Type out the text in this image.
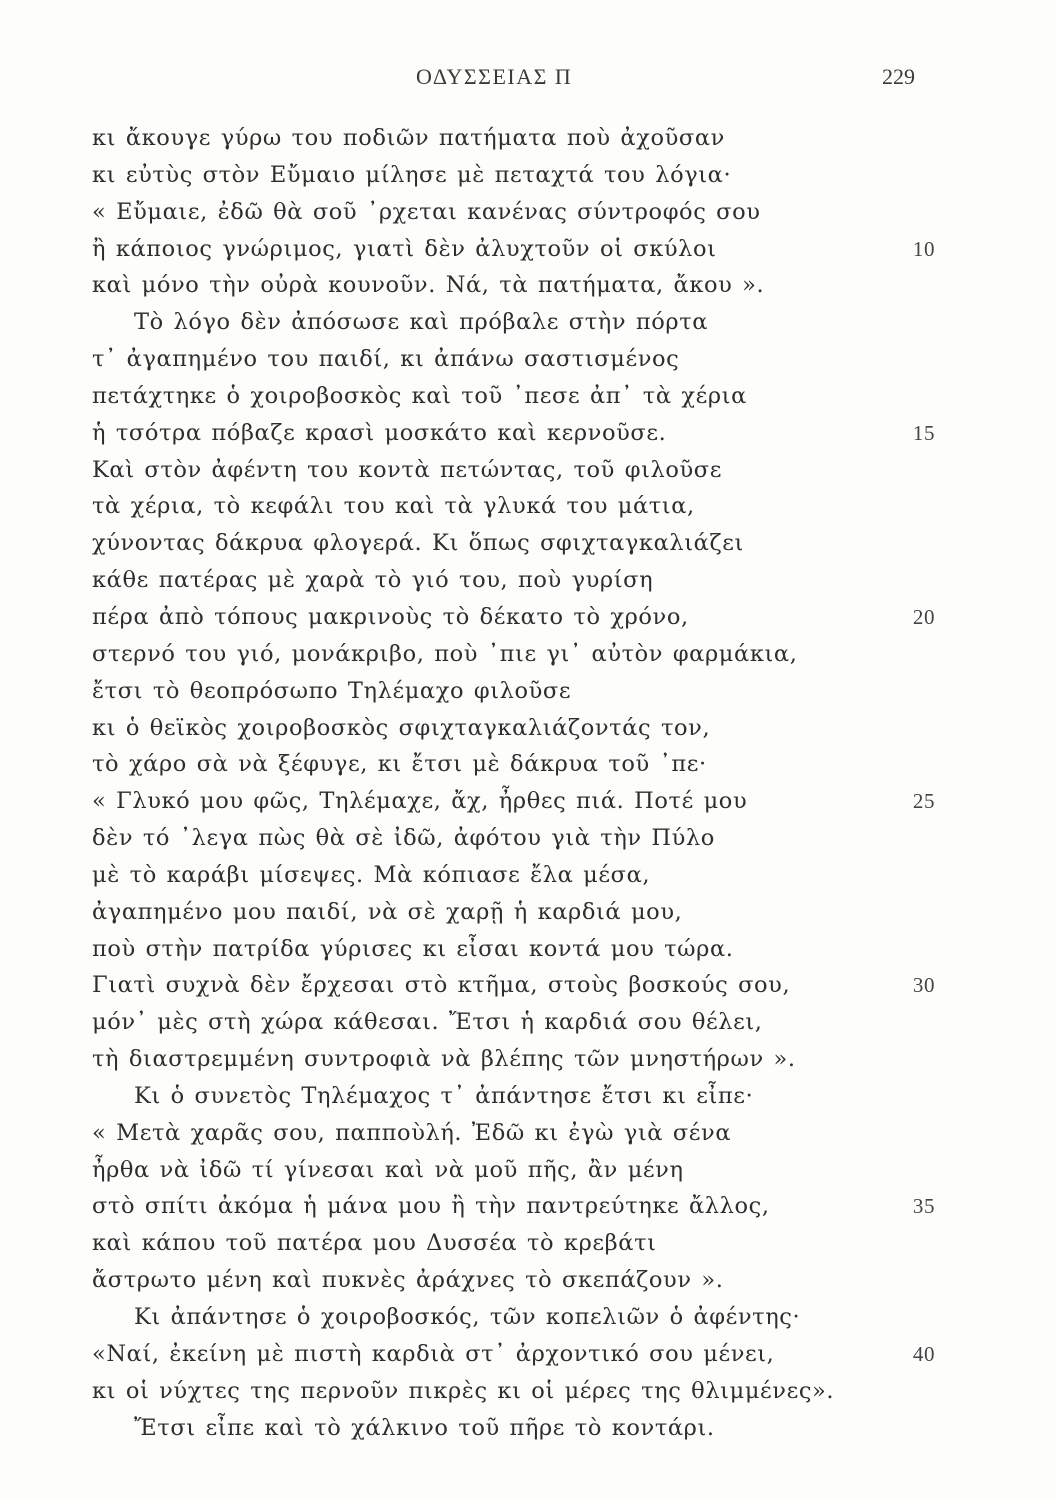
ΟΔΥΣΣΕΙΑΣ Π	229
κι ἄκουγε γύρω του ποδιῶν πατήματα ποὺ ἀχοῦσαν
κι εὐτὺς στὸν Εὔμαιο μίλησε μὲ πεταχτά του λόγια·
« Εὔμαιε, ἐδῶ θὰ σοῦ ᾿ρχεται κανένας σύντροφός σου
ἢ κάποιος γνώριμος, γιατὶ δὲν ἀλυχτοῦν οἱ σκύλοι	10
καὶ μόνο τὴν οὐρὰ κουνοῦν. Νά, τὰ πατήματα, ἄκου ».
Τὸ λόγο δὲν ἀπόσωσε καὶ πρόβαλε στὴν πόρτα
τ᾿ ἀγαπημένο του παιδί, κι ἀπάνω σαστισμένος
πετάχτηκε ὁ χοιροβοσκὸς καὶ τοῦ ᾿πεσε ἀπ᾿ τὰ χέρια
ἡ τσότρα πόβαζε κρασὶ μοσκάτο καὶ κερνοῦσε.	15
Καὶ στὸν ἀφέντη του κοντὰ πετώντας, τοῦ φιλοῦσε
τὰ χέρια, τὸ κεφάλι του καὶ τὰ γλυκά του μάτια,
χύνοντας δάκρυα φλογερά. Κι ὅπως σφιχταγκαλιάζει
κάθε πατέρας μὲ χαρὰ τὸ γιό του, ποὺ γυρίση
πέρα ἀπὸ τόπους μακρινοὺς τὸ δέκατο τὸ χρόνο,	20
στερνό του γιό, μονάκριβο, ποὺ ᾿πιε γι᾿ αὐτὸν φαρμάκια,
ἔτσι τὸ θεοπρόσωπο Τηλέμαχο φιλοῦσε
κι ὁ θεϊκὸς χοιροβοσκὸς σφιχταγκαλιάζοντάς τον,
τὸ χάρο σὰ νὰ ξέφυγε, κι ἔτσι μὲ δάκρυα τοῦ ᾿πε·
« Γλυκό μου φῶς, Τηλέμαχε, ἄχ, ἦρθες πιά. Ποτέ μου	25
δὲν τό ᾿λεγα πὼς θὰ σὲ ἰδῶ, ἀφότου γιὰ τὴν Πύλο
μὲ τὸ καράβι μίσεψες. Μὰ κόπιασε ἔλα μέσα,
ἀγαπημένο μου παιδί, νὰ σὲ χαρῇ ἡ καρδιά μου,
ποὺ στὴν πατρίδα γύρισες κι εἶσαι κοντά μου τώρα.
Γιατὶ συχνὰ δὲν ἔρχεσαι στὸ κτῆμα, στοὺς βοσκούς σου,	30
μόν᾿ μὲς στὴ χώρα κάθεσαι. Ἔτσι ἡ καρδιά σου θέλει,
τὴ διαστρεμμένη συντροφιὰ νὰ βλέπης τῶν μνηστήρων ».
Κι ὁ συνετὸς Τηλέμαχος τ᾿ ἀπάντησε ἔτσι κι εἶπε·
« Μετὰ χαρᾶς σου, παπποὺλή. Ἐδῶ κι ἐγὼ γιὰ σένα
ἦρθα νὰ ἰδῶ τί γίνεσαι καὶ νὰ μοῦ πῆς, ἂν μένη
στὸ σπίτι ἀκόμα ἡ μάνα μου ἢ τὴν παντρεύτηκε ἄλλος,	35
καὶ κάπου τοῦ πατέρα μου Δυσσέα τὸ κρεβάτι
ἄστρωτο μένη καὶ πυκνὲς ἀράχνες τὸ σκεπάζουν ».
Κι ἀπάντησε ὁ χοιροβοσκός, τῶν κοπελιῶν ὁ ἀφέντης·
«Ναί, ἐκείνη μὲ πιστὴ καρδιὰ στ᾿ ἀρχοντικό σου μένει,	40
κι οἱ νύχτες της περνοῦν πικρὲς κι οἱ μέρες της θλιμμένες».
Ἔτσι εἶπε καὶ τὸ χάλκινο τοῦ πῆρε τὸ κοντάρι.
